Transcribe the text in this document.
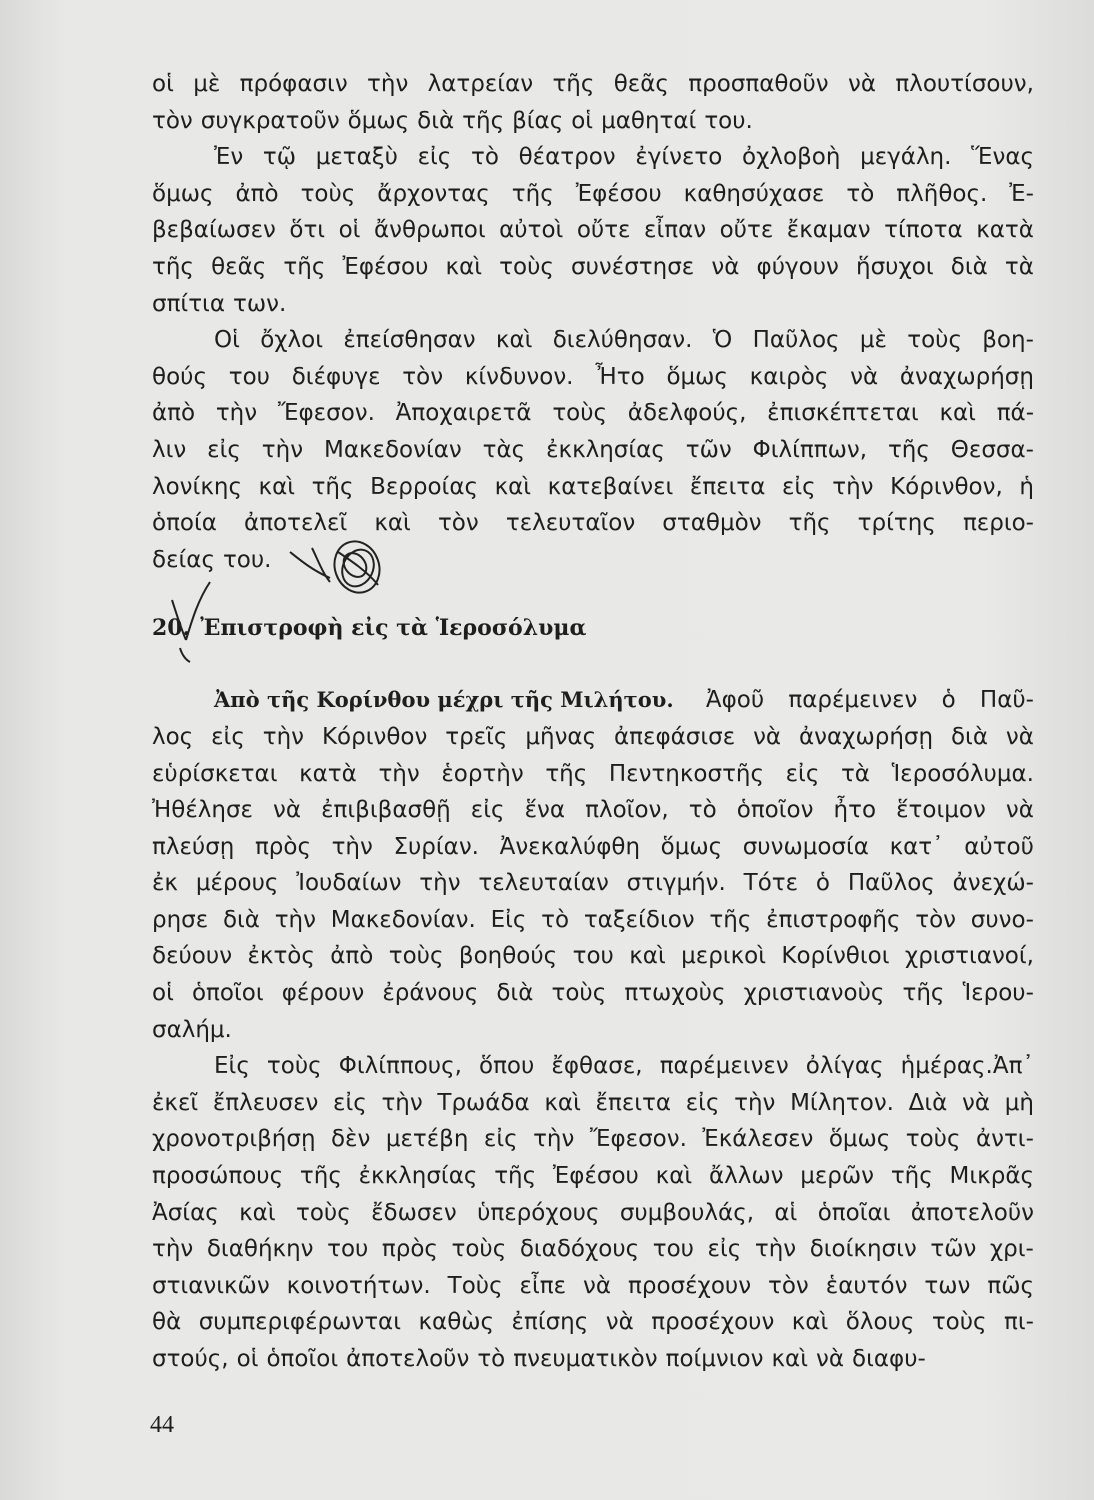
οἱ μὲ πρόφασιν τὴν λατρείαν τῆς θεᾶς προσπαθοῦν νὰ πλουτίσουν,
τὸν συγκρατοῦν ὅμως διὰ τῆς βίας οἱ μαθηταί του.
Ἐν τῷ μεταξὺ εἰς τὸ θέατρον ἐγίνετο ὀχλοβοὴ μεγάλη. Ἕνας
ὅμως ἀπὸ τοὺς ἄρχοντας τῆς Ἐφέσου καθησύχασε τὸ πλῆθος. Ἐ-
βεβαίωσεν ὅτι οἱ ἄνθρωποι αὐτοὶ οὔτε εἶπαν οὔτε ἔκαμαν τίποτα κατὰ
τῆς θεᾶς τῆς Ἐφέσου καὶ τοὺς συνέστησε νὰ φύγουν ἥσυχοι διὰ τὰ
σπίτια των.
Οἱ ὄχλοι ἐπείσθησαν καὶ διελύθησαν. Ὁ Παῦλος μὲ τοὺς βοη-
θούς του διέφυγε τὸν κίνδυνον. Ἦτο ὅμως καιρὸς νὰ ἀναχωρήσῃ
ἀπὸ τὴν Ἔφεσον. Ἀποχαιρετᾶ τοὺς ἀδελφούς, ἐπισκέπτεται καὶ πά-
λιν εἰς τὴν Μακεδονίαν τὰς ἐκκλησίας τῶν Φιλίππων, τῆς Θεσσα-
λονίκης καὶ τῆς Βερροίας καὶ κατεβαίνει ἔπειτα εἰς τὴν Κόρινθον, ἡ
ὁποία ἀποτελεῖ καὶ τὸν τελευταῖον σταθμὸν τῆς τρίτης περιο-
δείας του.
20. Ἐπιστροφὴ εἰς τὰ Ἱεροσόλυμα
Ἀπὸ τῆς Κορίνθου μέχρι τῆς Μιλήτου. Ἀφοῦ παρέμεινεν ὁ Παῦ-
λος εἰς τὴν Κόρινθον τρεῖς μῆνας ἀπεφάσισε νὰ ἀναχωρήσῃ διὰ νὰ
εὑρίσκεται κατὰ τὴν ἑορτὴν τῆς Πεντηκοστῆς εἰς τὰ Ἱεροσόλυμα.
Ἠθέλησε νὰ ἐπιβιβασθῇ εἰς ἕνα πλοῖον, τὸ ὁποῖον ἦτο ἕτοιμον νὰ
πλεύσῃ πρὸς τὴν Συρίαν. Ἀνεκαλύφθη ὅμως συνωμοσία κατ᾽ αὐτοῦ
ἐκ μέρους Ἰουδαίων τὴν τελευταίαν στιγμήν. Τότε ὁ Παῦλος ἀνεχώ-
ρησε διὰ τὴν Μακεδονίαν. Εἰς τὸ ταξείδιον τῆς ἐπιστροφῆς τὸν συνο-
δεύουν ἐκτὸς ἀπὸ τοὺς βοηθούς του καὶ μερικοὶ Κορίνθιοι χριστιανοί,
οἱ ὁποῖοι φέρουν ἐράνους διὰ τοὺς πτωχοὺς χριστιανοὺς τῆς Ἱερου-
σαλήμ.
Εἰς τοὺς Φιλίππους, ὅπου ἔφθασε, παρέμεινεν ὀλίγας ἡμέρας.Ἀπ᾽
ἐκεῖ ἔπλευσεν εἰς τὴν Τρωάδα καὶ ἔπειτα εἰς τὴν Μίλητον. Διὰ νὰ μὴ
χρονοτριβήσῃ δὲν μετέβη εἰς τὴν Ἔφεσον. Ἐκάλεσεν ὅμως τοὺς ἀντι-
προσώπους τῆς ἐκκλησίας τῆς Ἐφέσου καὶ ἄλλων μερῶν τῆς Μικρᾶς
Ἀσίας καὶ τοὺς ἔδωσεν ὑπερόχους συμβουλάς, αἱ ὁποῖαι ἀποτελοῦν
τὴν διαθήκην του πρὸς τοὺς διαδόχους του εἰς τὴν διοίκησιν τῶν χρι-
στιανικῶν κοινοτήτων. Τοὺς εἶπε νὰ προσέχουν τὸν ἑαυτόν των πῶς
θὰ συμπεριφέρωνται καθὼς ἐπίσης νὰ προσέχουν καὶ ὅλους τοὺς πι-
στούς, οἱ ὁποῖοι ἀποτελοῦν τὸ πνευματικὸν ποίμνιον καὶ νὰ διαφυ-
44
